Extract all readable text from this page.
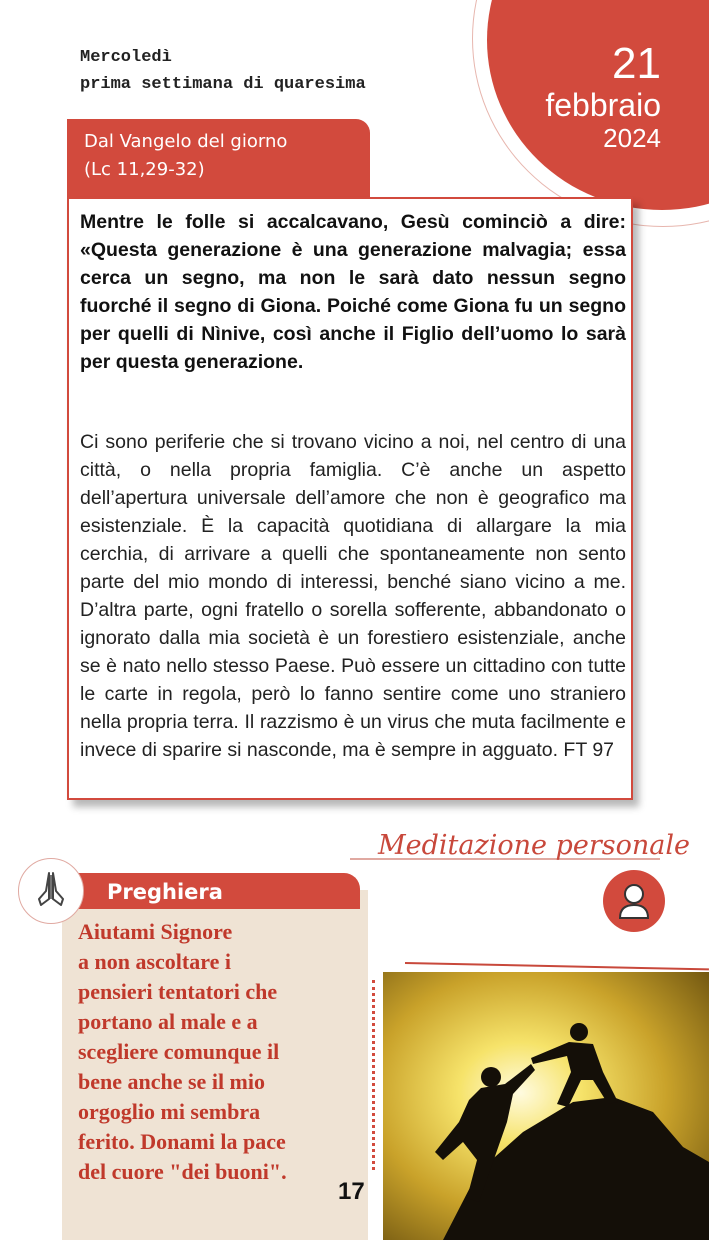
21
febbraio
2024
Mercoledì
prima settimana di quaresima
Dal Vangelo del giorno
(Lc 11,29-32)
Mentre le folle si accalcavano, Gesù cominciò a dire: «Questa generazione è una generazione malvagia; essa cerca un segno, ma non le sarà dato nessun segno fuorché il segno di Giona. Poiché come Giona fu un segno per quelli di Nìnive, così anche il Figlio dell’uomo lo sarà per questa generazione.
Ci sono periferie che si trovano vicino a noi, nel centro di una città, o nella propria famiglia. C’è anche un aspetto dell’apertura universale dell’amore che non è geografico ma esistenziale. È la capacità quotidiana di allargare la mia cerchia, di arrivare a quelli che spontaneamente non sento parte del mio mondo di interessi, benché siano vicino a me. D’altra parte, ogni fratello o sorella sofferente, abbandonato o ignorato dalla mia società è un forestiero esistenziale, anche se è nato nello stesso Paese. Può essere un cittadino con tutte le carte in regola, però lo fanno sentire come uno straniero nella propria terra. Il razzismo è un virus che muta facilmente e invece di sparire si nasconde, ma è sempre in agguato. FT 97
Meditazione personale
Preghiera
Aiutami Signore
a non ascoltare i
pensieri tentatori che
portano al male e a
scegliere comunque il
bene anche se il mio
orgoglio mi sembra
ferito. Donami la pace
del cuore "dei buoni".
17
